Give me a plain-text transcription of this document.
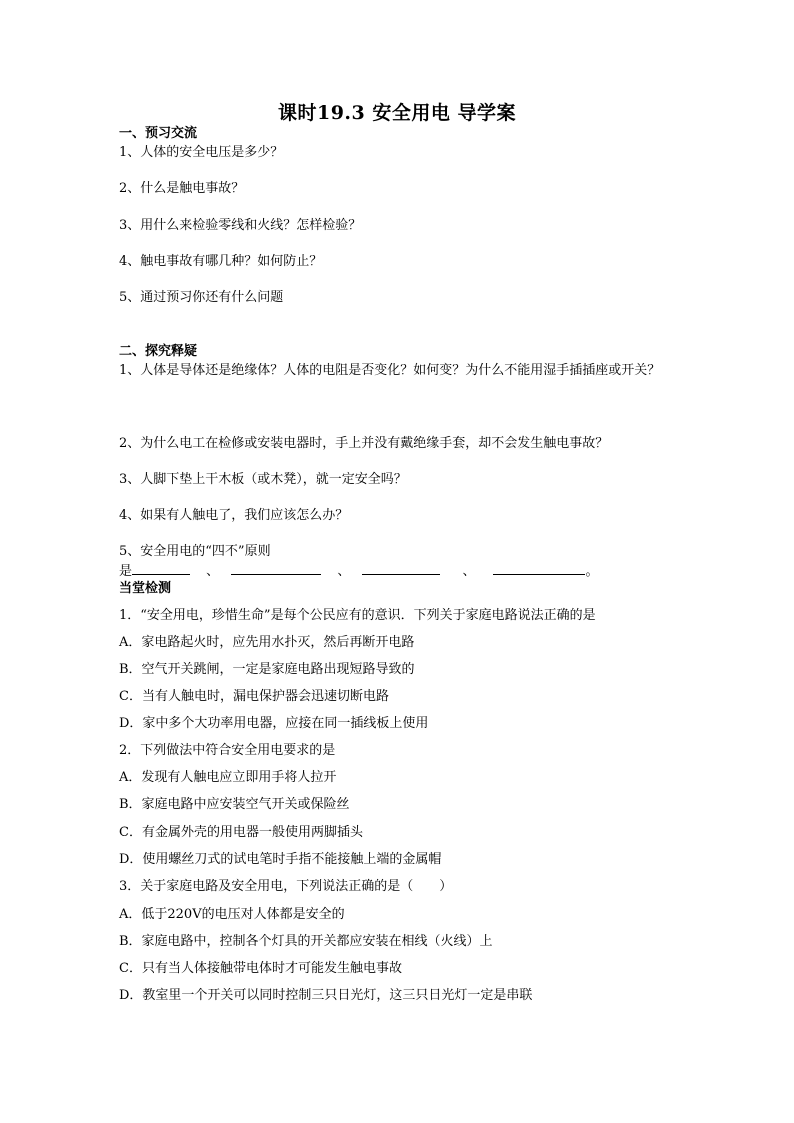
课时19.3 安全用电 导学案
一、预习交流
1、人体的安全电压是多少？
2、什么是触电事故？
3、用什么来检验零线和火线？怎样检验？
4、触电事故有哪几种？如何防止？
5、通过预习你还有什么问题
二、探究释疑
1、人体是导体还是绝缘体？人体的电阻是否变化？如何变？为什么不能用湿手插插座或开关？
2、为什么电工在检修或安装电器时，手上并没有戴绝缘手套，却不会发生触电事故？
3、人脚下垫上干木板（或木凳），就一定安全吗？
4、如果有人触电了，我们应该怎么办？
5、安全用电的“四不”原则
是	、	、	、	。
当堂检测
1．“安全用电，珍惜生命”是每个公民应有的意识．下列关于家庭电路说法正确的是
A．家电路起火时，应先用水扑灭，然后再断开电路
B．空气开关跳闸，一定是家庭电路出现短路导致的
C．当有人触电时，漏电保护器会迅速切断电路
D．家中多个大功率用电器，应接在同一插线板上使用
2．下列做法中符合安全用电要求的是
A．发现有人触电应立即用手将人拉开
B．家庭电路中应安装空气开关或保险丝
C．有金属外壳的用电器一般使用两脚插头
D．使用螺丝刀式的试电笔时手指不能接触上端的金属帽
3．关于家庭电路及安全用电，下列说法正确的是（　　）
A．低于220V的电压对人体都是安全的
B．家庭电路中，控制各个灯具的开关都应安装在相线（火线）上
C．只有当人体接触带电体时才可能发生触电事故
D．教室里一个开关可以同时控制三只日光灯，这三只日光灯一定是串联
